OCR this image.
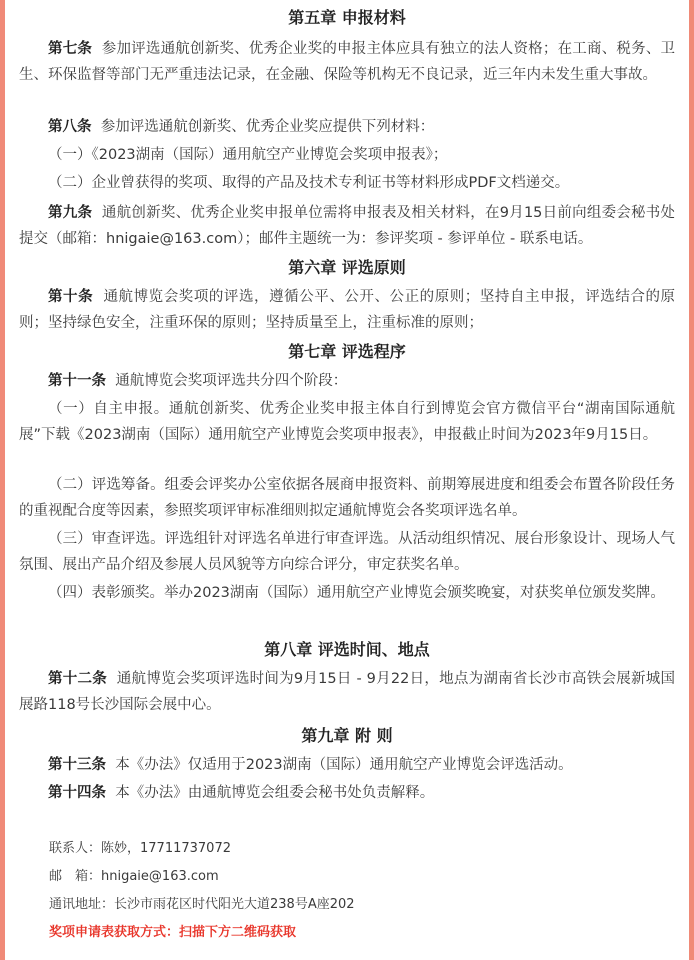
第五章 申报材料
第七条 参加评选通航创新奖、优秀企业奖的申报主体应具有独立的法人资格；在工商、税务、卫生、环保监督等部门无严重违法记录，在金融、保险等机构无不良记录，近三年内未发生重大事故。
第八条 参加评选通航创新奖、优秀企业奖应提供下列材料：
（一）《2023湖南（国际）通用航空产业博览会奖项申报表》；
（二）企业曾获得的奖项、取得的产品及技术专利证书等材料形成PDF文档递交。
第九条 通航创新奖、优秀企业奖申报单位需将申报表及相关材料，在9月15日前向组委会秘书处提交（邮箱：hnigaie@163.com）；邮件主题统一为：参评奖项 - 参评单位 - 联系电话。
第六章 评选原则
第十条 通航博览会奖项的评选，遵循公平、公开、公正的原则；坚持自主申报，评选结合的原则；坚持绿色安全，注重环保的原则；坚持质量至上，注重标准的原则；
第七章 评选程序
第十一条 通航博览会奖项评选共分四个阶段：
（一）自主申报。通航创新奖、优秀企业奖申报主体自行到博览会官方微信平台“湖南国际通航展”下载《2023湖南（国际）通用航空产业博览会奖项申报表》，申报截止时间为2023年9月15日。
（二）评选筹备。组委会评奖办公室依据各展商申报资料、前期筹展进度和组委会布置各阶段任务的重视配合度等因素，参照奖项评审标准细则拟定通航博览会各奖项评选名单。
（三）审查评选。评选组针对评选名单进行审查评选。从活动组织情况、展台形象设计、现场人气氛围、展出产品介绍及参展人员风貌等方向综合评分，审定获奖名单。
（四）表彰颁奖。举办2023湖南（国际）通用航空产业博览会颁奖晚宴，对获奖单位颁发奖牌。
第八章 评选时间、地点
第十二条 通航博览会奖项评选时间为9月15日 - 9月22日，地点为湖南省长沙市高铁会展新城国展路118号长沙国际会展中心。
第九章 附 则
第十三条 本《办法》仅适用于2023湖南（国际）通用航空产业博览会评选活动。
第十四条 本《办法》由通航博览会组委会秘书处负责解释。
联系人：陈妙，17711737072
邮　箱：hnigaie@163.com
通讯地址：长沙市雨花区时代阳光大道238号A座202
奖项申请表获取方式：扫描下方二维码获取
